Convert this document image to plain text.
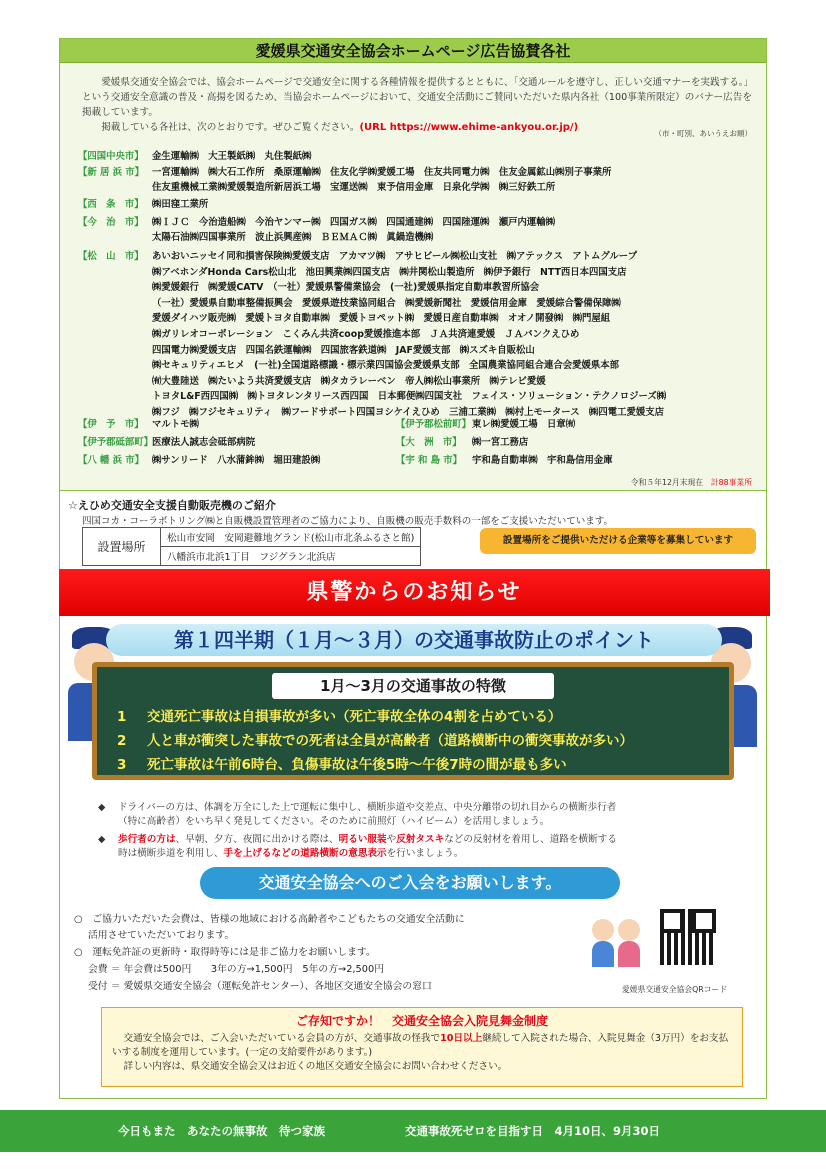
愛媛県交通安全協会ホームページ広告協賛各社

愛媛県交通安全協会では、協会ホームページで交通安全に関する各種情報を提供するとともに、「交通ルールを遵守し、正しい交通マナーを実践する。」という交通安全意識の普及・高揚を図るため、当協会ホームページにおいて、交通安全活動にご賛同いただいた県内各社（100事業所限定）のバナー広告を掲載しています。

掲載している各社は、次のとおりです。ぜひご覧ください。(URL https://www.ehime-ankyou.or.jp/)

（市・町別、あいうえお順）
【四国中央市】 金生運輸㈱　大王製紙㈱　丸住製紙㈱
【新 居 浜 市】 一宮運輸㈱　㈱大石工作所　桑原運輸㈱　住友化学㈱愛媛工場　住友共同電力㈱　住友金属鉱山㈱別子事業所
住友重機械工業㈱愛媛製造所新居浜工場　宝運送㈱　東予信用金庫　日泉化学㈱　㈱三好鉄工所
【西　条　市】 ㈱田窪工業所
【今　治　市】 ㈱ＩＪＣ　今治造船㈱　今治ヤンマー㈱　四国ガス㈱　四国通建㈱　四国陸運㈱　瀬戸内運輸㈱
太陽石油㈱四国事業所　波止浜興産㈱　ＢＥＭＡＣ㈱　眞鍋造機㈱
【松　山　市】 あいおいニッセイ同和損害保険㈱愛媛支店　アカマツ㈱　アサヒビール㈱松山支社　㈱アテックス　アトムグループ
㈱アベホンダHonda Cars松山北　池田興業㈱四国支店　㈱井関松山製造所　㈱伊予銀行　NTT西日本四国支店
㈱愛媛銀行　㈱愛媛CATV　（一社）愛媛県警備業協会　(一社)愛媛県指定自動車教習所協会
（一社）愛媛県自動車整備振興会　愛媛県遊技業協同組合　㈱愛媛新聞社　愛媛信用金庫　愛媛綜合警備保障㈱
愛媛ダイハツ販売㈱　愛媛トヨタ自動車㈱　愛媛トヨペット㈱　愛媛日産自動車㈱　オオノ開發㈱　㈱門屋組
㈱ガリレオコーポレーション　こくみん共済coop愛媛推進本部　ＪＡ共済連愛媛　ＪＡバンクえひめ
四国電力㈱愛媛支店　四国名鉄運輸㈱　四国旅客鉄道㈱　JAF愛媛支部　㈱スズキ自販松山
㈱セキュリティエヒメ　(一社)全国道路標識・標示業四国協会愛媛県支部　全国農業協同組合連合会愛媛県本部
㈲大豊陸送　㈱たいよう共済愛媛支店　㈱タカラレーベン　帝人㈱松山事業所　㈱テレビ愛媛
トヨタL&F西四国㈱　㈱トヨタレンタリース西四国　日本郵便㈱四国支社　フェイス・ソリューション・テクノロジーズ㈱
㈱フジ　㈱フジセキュリティ　㈱フードサポート四国ヨシケイえひめ　三浦工業㈱　㈱村上モータース　㈱四電工愛媛支店
【伊　予　市】 マルトモ㈱
【伊予郡砥部町】
医療法人誠志会砥部病院
【八 幡 浜 市】 ㈱サンリード　八水蒲鉾㈱　堀田建設㈱
【伊予郡松前町】 東レ㈱愛媛工場　日章㈲
【大　洲　市】 ㈱一宮工務店
【宇 和 島 市】 宇和島自動車㈱　宇和島信用金庫
令和５年12月末現在　 計88事業所
☆えひめ交通安全支援自動販売機のご紹介
四国コカ・コーラボトリング㈱と自販機設置管理者のご協力により、自販機の販売手数料の一部をご支援いただいています。
設置場所	松山市安岡　安岡避難地グランド(松山市北条ふるさと館)
八幡浜市北浜1丁目　フジグラン北浜店
設置場所をご提供いただける企業等を募集しています
県警からのお知らせ
第１四半期（１月～３月）の交通事故防止のポイント
1月～3月の交通事故の特徴
1 交通死亡事故は自損事故が多い（死亡事故全体の4割を占めている）
2 人と車が衝突した事故での死者は全員が高齢者（道路横断中の衝突事故が多い）
3 死亡事故は午前6時台、負傷事故は午後5時～午後7時の間が最も多い
◆ ドライバーの方は、体調を万全にした上で運転に集中し、横断歩道や交差点、中央分離帯の切れ目からの横断歩行者
（特に高齢者）をいち早く発見してください。そのために前照灯（ハイビーム）を活用しましょう。
◆ 歩行者の方は、早朝、夕方、夜間に出かける際は、明るい服装や反射タスキなどの反射材を着用し、道路を横断する
時は横断歩道を利用し、手を上げるなどの道路横断の意思表示を行いましょう。
交通安全協会へのご入会をお願いします。
○　ご協力いただいた会費は、皆様の地域における高齢者やこどもたちの交通安全活動に
活用させていただいております。
○　運転免許証の更新時・取得時等には是非ご協力をお願いします。
会費 ＝ 年会費は500円　　3年の方→1,500円　5年の方→2,500円
受付 ＝ 愛媛県交通安全協会（運転免許センター）、各地区交通安全協会の窓口	愛媛県交通安全協会QRコード
ご存知ですか！　交通安全協会入院見舞金制度

交通安全協会では、ご入会いただいている会員の方が、交通事故の怪我で10日以上継続して入院された場合、入院見舞金（3万円）をお支払いする制度を運用しています。(一定の支給要件があります。)

詳しい内容は、県交通安全協会又はお近くの地区交通安全協会にお問い合わせください。

今日もまた　あなたの無事故　待つ家族	交通事故死ゼロを目指す日　4月10日、9月30日
